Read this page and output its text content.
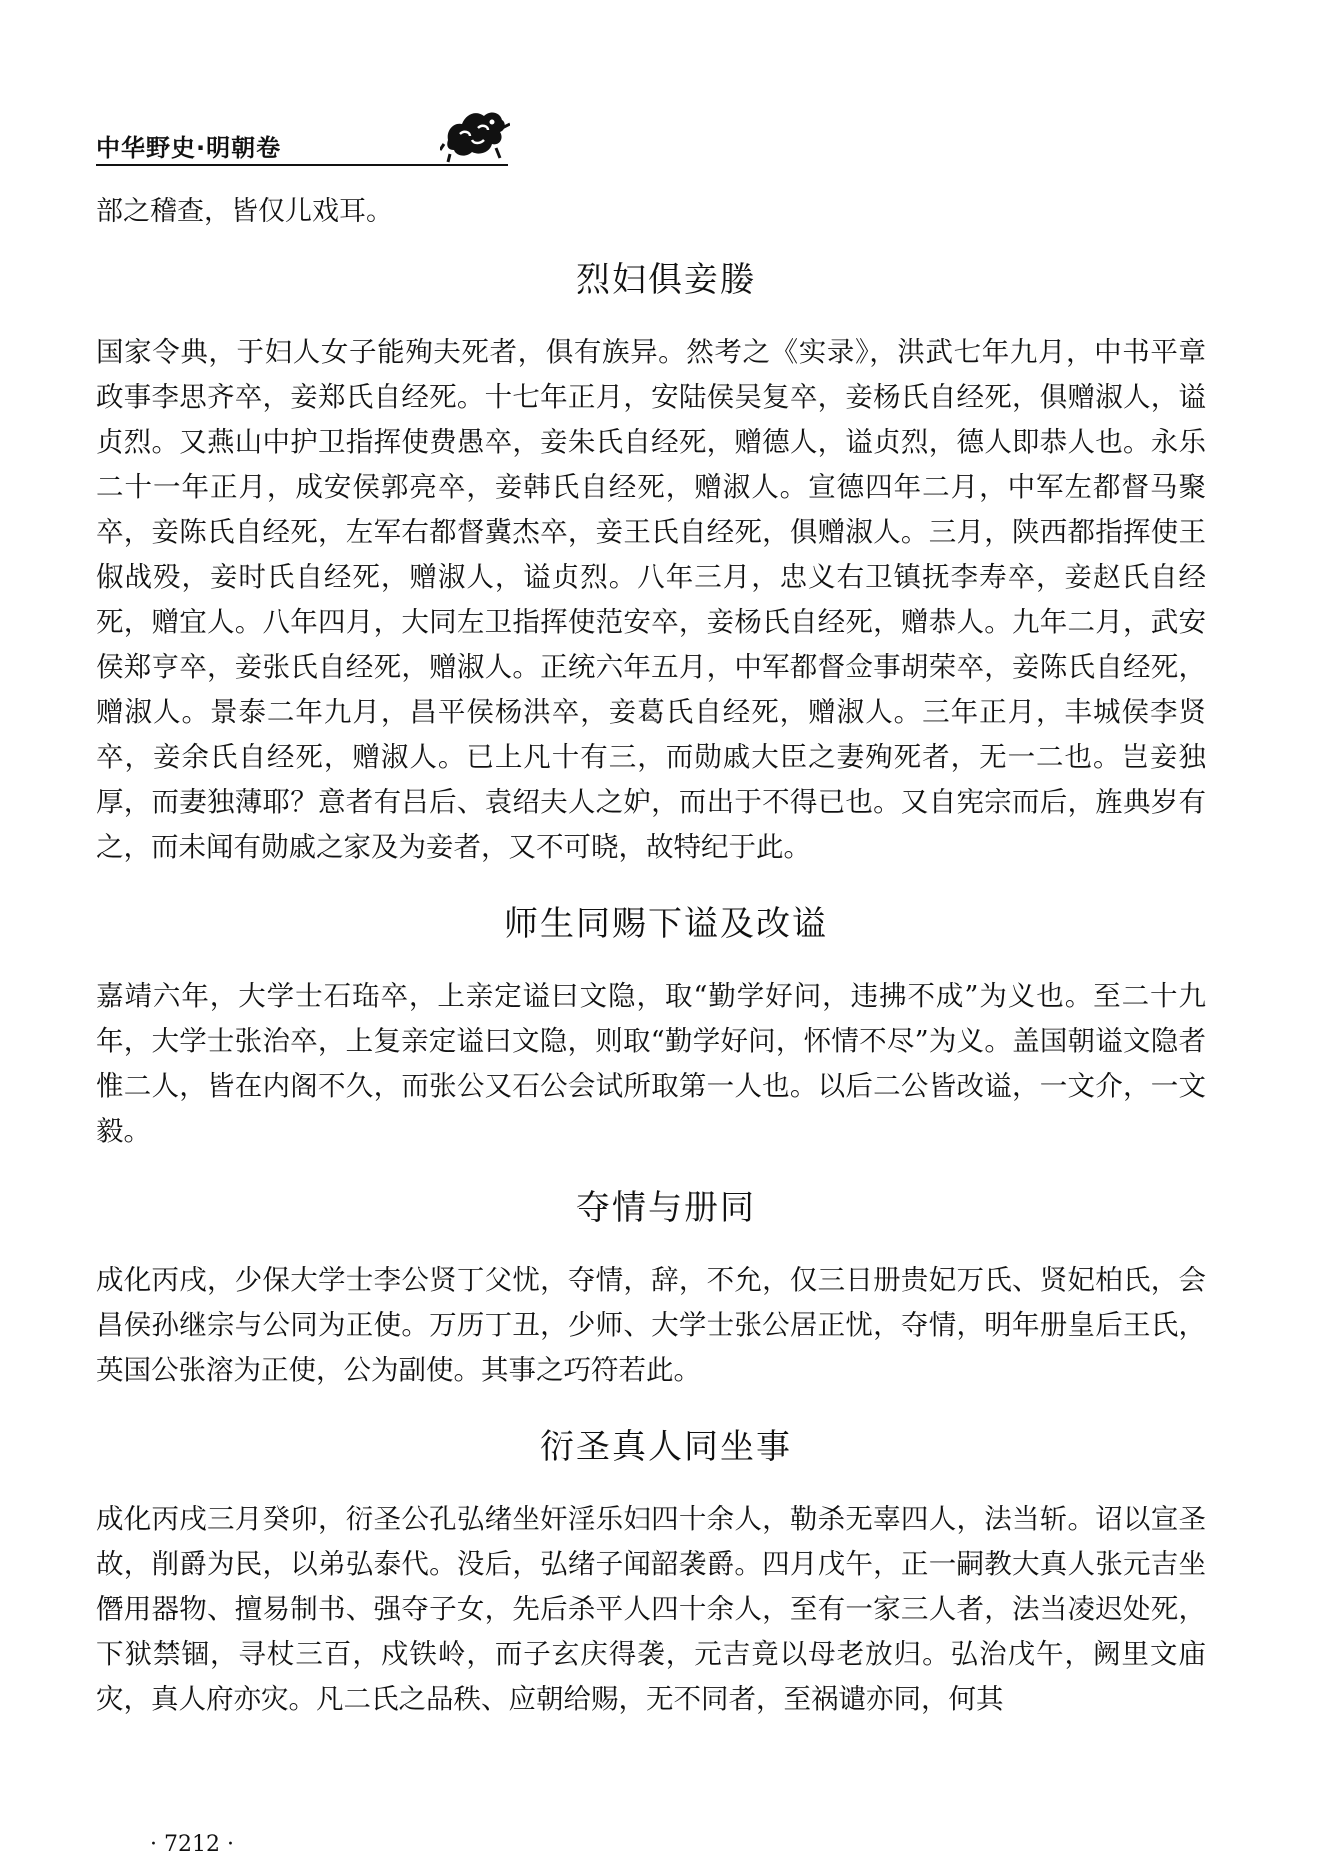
中华野史·明朝卷

部之稽查，皆仅儿戏耳。

烈妇俱妾媵

国家令典，于妇人女子能殉夫死者，俱有族异。然考之《实录》，洪武七年九月，中书平章政事李思齐卒，妾郑氏自经死。十七年正月，安陆侯吴复卒，妾杨氏自经死，俱赠淑人，谥贞烈。又燕山中护卫指挥使费愚卒，妾朱氏自经死，赠德人，谥贞烈，德人即恭人也。永乐二十一年正月，成安侯郭亮卒，妾韩氏自经死，赠淑人。宣德四年二月，中军左都督马聚卒，妾陈氏自经死，左军右都督冀杰卒，妾王氏自经死，俱赠淑人。三月，陕西都指挥使王俶战殁，妾时氏自经死，赠淑人，谥贞烈。八年三月，忠义右卫镇抚李寿卒，妾赵氏自经死，赠宜人。八年四月，大同左卫指挥使范安卒，妾杨氏自经死，赠恭人。九年二月，武安侯郑亨卒，妾张氏自经死，赠淑人。正统六年五月，中军都督佥事胡荣卒，妾陈氏自经死，赠淑人。景泰二年九月，昌平侯杨洪卒，妾葛氏自经死，赠淑人。三年正月，丰城侯李贤卒，妾余氏自经死，赠淑人。已上凡十有三，而勋戚大臣之妻殉死者，无一二也。岂妾独厚，而妻独薄耶？意者有吕后、袁绍夫人之妒，而出于不得已也。又自宪宗而后，旌典岁有之，而未闻有勋戚之家及为妾者，又不可晓，故特纪于此。

师生同赐下谥及改谥

嘉靖六年，大学士石珤卒，上亲定谥曰文隐，取“勤学好问，违拂不成”为义也。至二十九年，大学士张治卒，上复亲定谥曰文隐，则取“勤学好问，怀情不尽”为义。盖国朝谥文隐者惟二人，皆在内阁不久，而张公又石公会试所取第一人也。以后二公皆改谥，一文介，一文毅。

夺情与册同

成化丙戌，少保大学士李公贤丁父忧，夺情，辞，不允，仅三日册贵妃万氏、贤妃柏氏，会昌侯孙继宗与公同为正使。万历丁丑，少师、大学士张公居正忧，夺情，明年册皇后王氏，英国公张溶为正使，公为副使。其事之巧符若此。

衍圣真人同坐事

成化丙戌三月癸卯，衍圣公孔弘绪坐奸淫乐妇四十余人，勒杀无辜四人，法当斩。诏以宣圣故，削爵为民，以弟弘泰代。没后，弘绪子闻韶袭爵。四月戊午，正一嗣教大真人张元吉坐僭用器物、擅易制书、强夺子女，先后杀平人四十余人，至有一家三人者，法当凌迟处死，下狱禁锢，寻杖三百，戍铁岭，而子玄庆得袭，元吉竟以母老放归。弘治戊午，阙里文庙灾，真人府亦灾。凡二氏之品秩、应朝给赐，无不同者，至祸谴亦同，何其

· 7212 ·
